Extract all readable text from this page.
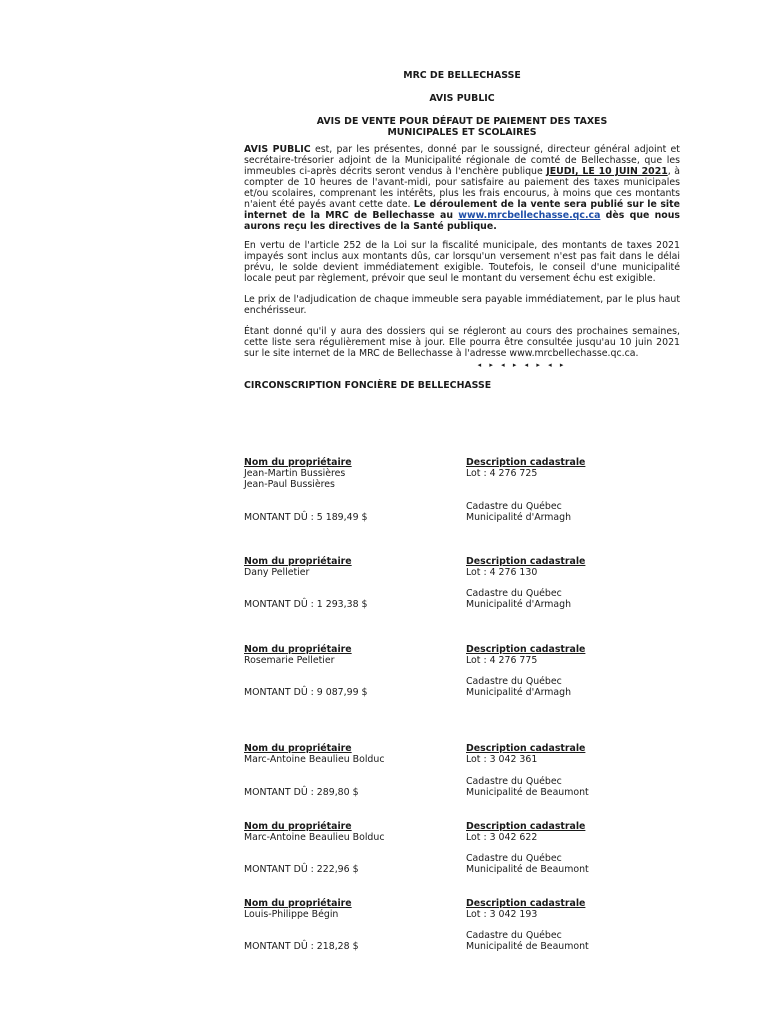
MRC DE BELLECHASSE
AVIS PUBLIC
AVIS DE VENTE POUR DÉFAUT DE PAIEMENT DES TAXES
MUNICIPALES ET SCOLAIRES

AVIS PUBLIC est, par les présentes, donné par le soussigné, directeur général adjoint et secrétaire-trésorier adjoint de la Municipalité régionale de comté de Bellechasse, que les immeubles ci-après décrits seront vendus à l'enchère publique JEUDI, LE 10 JUIN 2021, à compter de 10 heures de l'avant-midi, pour satisfaire au paiement des taxes municipales et/ou scolaires, comprenant les intérêts, plus les frais encourus, à moins que ces montants n'aient été payés avant cette date. Le déroulement de la vente sera publié sur le site internet de la MRC de Bellechasse au www.mrcbellechasse.qc.ca dès que nous aurons reçu les directives de la Santé publique.

En vertu de l'article 252 de la Loi sur la fiscalité municipale, des montants de taxes 2021 impayés sont inclus aux montants dûs, car lorsqu'un versement n'est pas fait dans le délai prévu, le solde devient immédiatement exigible. Toutefois, le conseil d'une municipalité locale peut par règlement, prévoir que seul le montant du versement échu est exigible.

Le prix de l'adjudication de chaque immeuble sera payable immédiatement, par le plus haut enchérisseur.

Étant donné qu'il y aura des dossiers qui se régleront au cours des prochaines semaines, cette liste sera régulièrement mise à jour. Elle pourra être consultée jusqu'au 10 juin 2021 sur le site internet de la MRC de Bellechasse à l'adresse www.mrcbellechasse.qc.ca.

◂ ▸ ◂ ▸ ◂ ▸ ◂ ▸
CIRCONSCRIPTION FONCIÈRE DE BELLECHASSE
Nom du propriétaire
Jean-Martin Bussières
Jean-Paul Bussières
Description cadastrale
Lot : 4 276 725
Cadastre du Québec
Municipalité d'Armagh
MONTANT DÛ : 5 189,49 $
Nom du propriétaire
Dany Pelletier
Description cadastrale
Lot : 4 276 130
Cadastre du Québec
Municipalité d'Armagh
MONTANT DÛ : 1 293,38 $
Nom du propriétaire
Rosemarie Pelletier
Description cadastrale
Lot : 4 276 775
Cadastre du Québec
Municipalité d'Armagh
MONTANT DÛ : 9 087,99 $
Nom du propriétaire
Marc-Antoine Beaulieu Bolduc
Description cadastrale
Lot : 3 042 361
Cadastre du Québec
Municipalité de Beaumont
MONTANT DÛ : 289,80 $
Nom du propriétaire
Marc-Antoine Beaulieu Bolduc
Description cadastrale
Lot : 3 042 622
Cadastre du Québec
Municipalité de Beaumont
MONTANT DÛ : 222,96 $
Nom du propriétaire
Louis-Philippe Bégin
Description cadastrale
Lot : 3 042 193
Cadastre du Québec
Municipalité de Beaumont
MONTANT DÛ : 218,28 $
